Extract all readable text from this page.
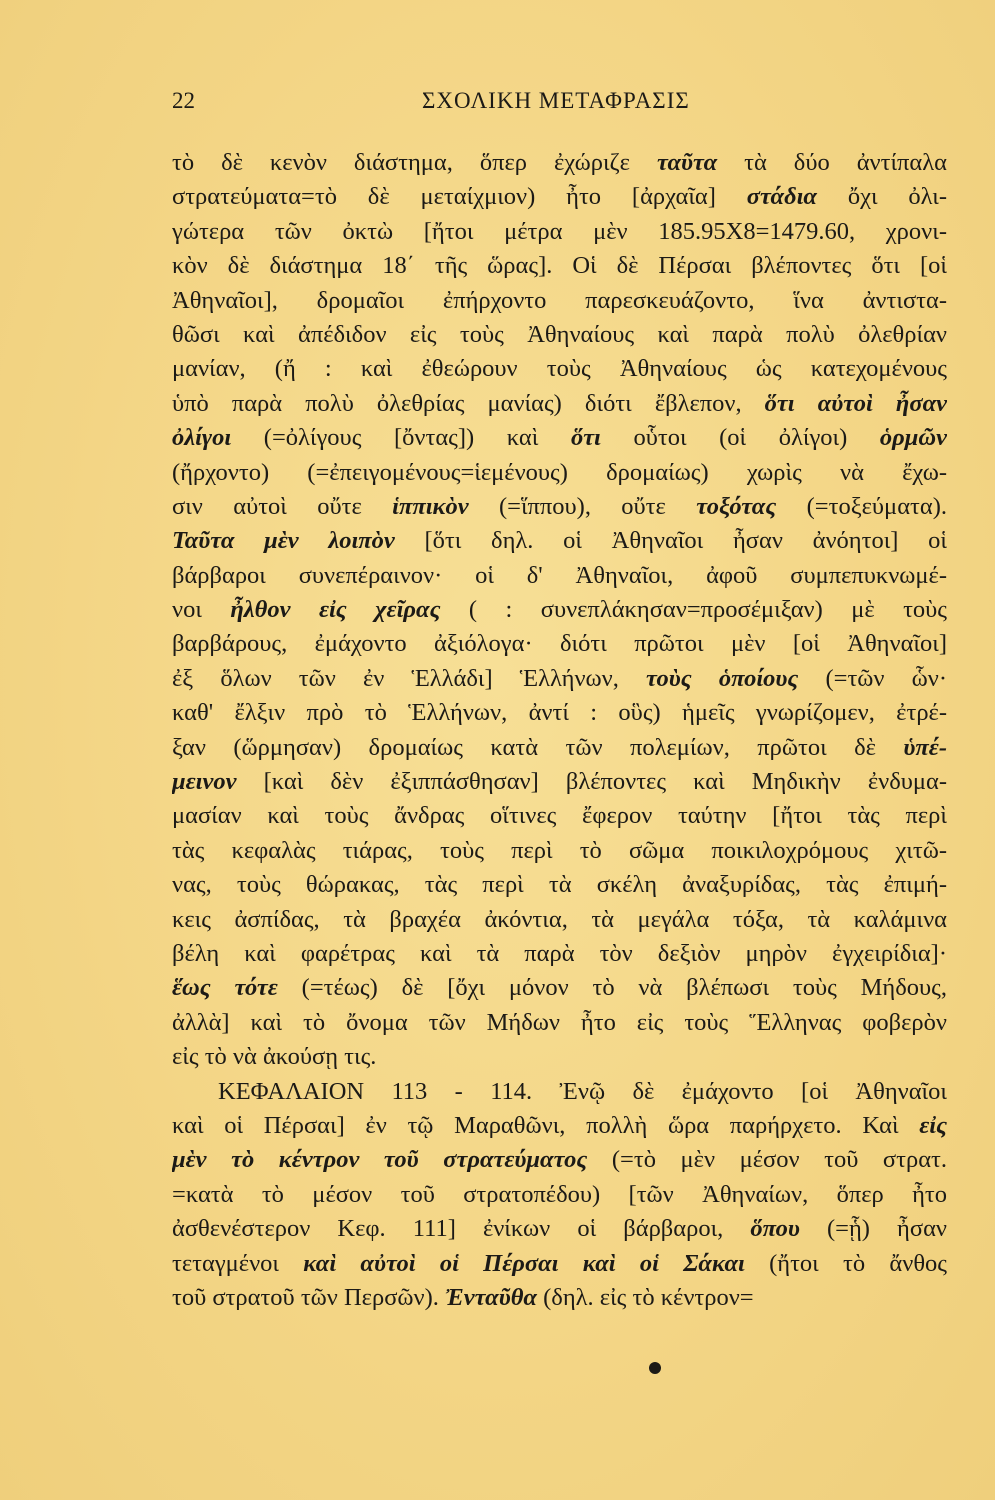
22	ΣΧΟΛΙΚΗ ΜΕΤΑΦΡΑΣΙΣ
τὸ δὲ κενὸν διάστημα, ὅπερ ἐχώριζε ταῦτα τὰ δύο ἀντίπαλα
στρατεύματα=τὸ δὲ μεταίχμιον) ἦτο [ἀρχαῖα] στάδια ὄχι ὀλι-
γώτερα τῶν ὀκτὼ [ἤτοι μέτρα μὲν 185.95Χ8=1479.60, χρονι-
κὸν δὲ διάστημα 18΄ τῆς ὥρας]. Οἱ δὲ Πέρσαι βλέποντες ὅτι [οἱ
Ἀθηναῖοι], δρομαῖοι ἐπήρχοντο παρεσκευάζοντο, ἵνα ἀντιστα-
θῶσι καὶ ἀπέδιδον εἰς τοὺς Ἀθηναίους καὶ παρὰ πολὺ ὀλεθρίαν
μανίαν, (ἤ : καὶ ἐθεώρουν τοὺς Ἀθηναίους ὡς κατεχομένους
ὑπὸ παρὰ πολὺ ὀλεθρίας μανίας) διότι ἔβλεπον, ὅτι αὐτοὶ ἦσαν
ὀλίγοι (=ὀλίγους [ὄντας]) καὶ ὅτι οὗτοι (οἱ ὀλίγοι) ὁρμῶν
(ἤρχοντο) (=ἐπειγομένους=ἱεμένους) δρομαίως) χωρὶς νὰ ἔχω-
σιν αὐτοὶ οὔτε ἱππικὸν (=ἵππου), οὔτε τοξότας (=τοξεύματα).
Ταῦτα μὲν λοιπὸν [ὅτι δηλ. οἱ Ἀθηναῖοι ἦσαν ἀνόητοι] οἱ
βάρβαροι συνεπέραινον· οἱ δ' Ἀθηναῖοι, ἀφοῦ συμπεπυκνωμέ-
νοι ἦλθον εἰς χεῖρας ( : συνεπλάκησαν=προσέμιξαν) μὲ τοὺς
βαρβάρους, ἐμάχοντο ἀξιόλογα· διότι πρῶτοι μὲν [οἱ Ἀθηναῖοι]
ἐξ ὅλων τῶν ἐν Ἑλλάδι] Ἑλλήνων, τοὺς ὁποίους (=τῶν ὧν·
καθ' ἔλξιν πρὸ τὸ Ἑλλήνων, ἀντί : οὓς) ἡμεῖς γνωρίζομεν, ἐτρέ-
ξαν (ὥρμησαν) δρομαίως κατὰ τῶν πολεμίων, πρῶτοι δὲ ὑπέ-
μεινον [καὶ δὲν ἐξιππάσθησαν] βλέποντες καὶ Μηδικὴν ἐνδυμα-
μασίαν καὶ τοὺς ἄνδρας οἵτινες ἔφερον ταύτην [ἤτοι τὰς περὶ
τὰς κεφαλὰς τιάρας, τοὺς περὶ τὸ σῶμα ποικιλοχρόμους χιτῶ-
νας, τοὺς θώρακας, τὰς περὶ τὰ σκέλη ἀναξυρίδας, τὰς ἐπιμή-
κεις ἀσπίδας, τὰ βραχέα ἀκόντια, τὰ μεγάλα τόξα, τὰ καλάμινα
βέλη καὶ φαρέτρας καὶ τὰ παρὰ τὸν δεξιὸν μηρὸν ἐγχειρίδια]·
ἕως τότε (=τέως) δὲ [ὄχι μόνον τὸ νὰ βλέπωσι τοὺς Μήδους,
ἀλλὰ] καὶ τὸ ὄνομα τῶν Μήδων ἦτο εἰς τοὺς Ἕλληνας φοβερὸν
εἰς τὸ νὰ ἀκούσῃ τις.
ΚΕΦΑΛΑΙΟΝ 113 - 114. Ἐνῷ δὲ ἐμάχοντο [οἱ Ἀθηναῖοι
καὶ οἱ Πέρσαι] ἐν τῷ Μαραθῶνι, πολλὴ ὥρα παρήρχετο. Καὶ εἰς
μὲν τὸ κέντρον τοῦ στρατεύματος (=τὸ μὲν μέσον τοῦ στρατ.
=κατὰ τὸ μέσον τοῦ στρατοπέδου) [τῶν Ἀθηναίων, ὅπερ ἦτο
ἀσθενέστερον Κεφ. 111] ἐνίκων οἱ βάρβαροι, ὅπου (=ᾗ) ἦσαν
τεταγμένοι καὶ αὐτοὶ οἱ Πέρσαι καὶ οἱ Σάκαι (ἤτοι τὸ ἄνθος
τοῦ στρατοῦ τῶν Περσῶν). Ἐνταῦθα (δηλ. εἰς τὸ κέντρον=
